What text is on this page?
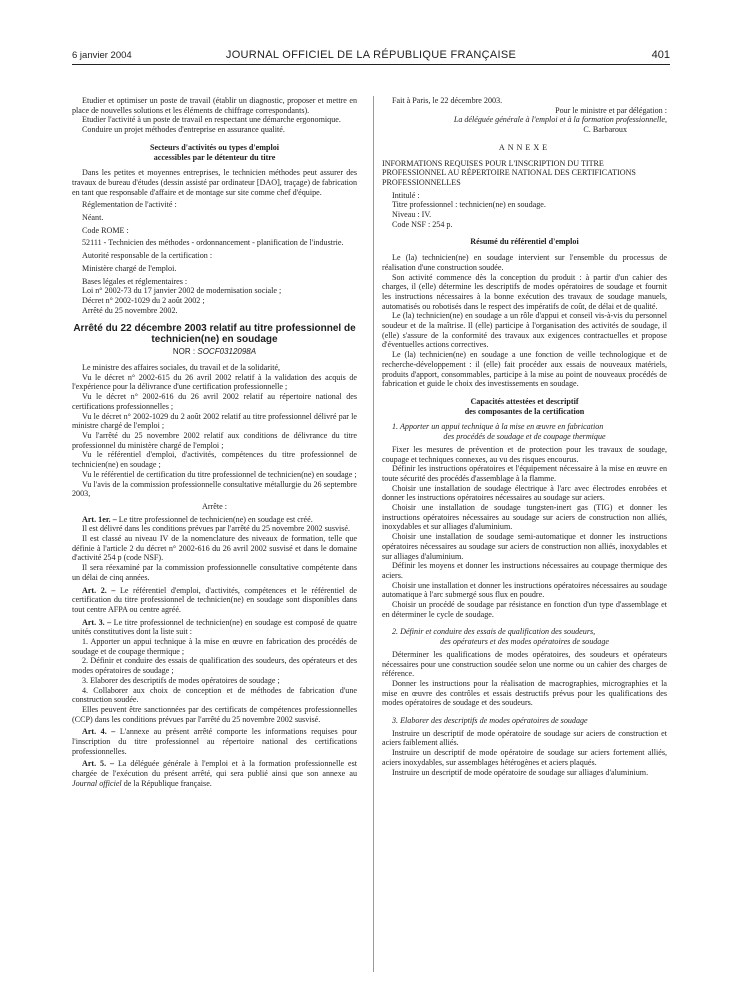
6 janvier 2004	JOURNAL OFFICIEL DE LA RÉPUBLIQUE FRANÇAISE	401

Etudier et optimiser un poste de travail (établir un diagnostic, proposer et mettre en place de nouvelles solutions et les éléments de chiffrage correspondants).

Etudier l'activité à un poste de travail en respectant une démarche ergonomique.

Conduire un projet méthodes d'entreprise en assurance qualité.

Secteurs d'activités ou types d'emploi
accessibles par le détenteur du titre

Dans les petites et moyennes entreprises, le technicien méthodes peut assurer des travaux de bureau d'études (dessin assisté par ordinateur [DAO], traçage) de fabrication en tant que responsable d'affaire et de montage sur site comme chef d'équipe.

Réglementation de l'activité :

Néant.

Code ROME :

52111 - Technicien des méthodes - ordonnancement - planification de l'industrie.

Autorité responsable de la certification :

Ministère chargé de l'emploi.

Bases légales et réglementaires :

Loi n° 2002-73 du 17 janvier 2002 de modernisation sociale ;

Décret n° 2002-1029 du 2 août 2002 ;

Arrêté du 25 novembre 2002.

Arrêté du 22 décembre 2003 relatif au titre professionnel de technicien(ne) en soudage
NOR : SOCF0312098A

Le ministre des affaires sociales, du travail et de la solidarité,

Vu le décret n° 2002-615 du 26 avril 2002 relatif à la validation des acquis de l'expérience pour la délivrance d'une certification professionnelle ;

Vu le décret n° 2002-616 du 26 avril 2002 relatif au répertoire national des certifications professionnelles ;

Vu le décret n° 2002-1029 du 2 août 2002 relatif au titre professionnel délivré par le ministre chargé de l'emploi ;

Vu l'arrêté du 25 novembre 2002 relatif aux conditions de délivrance du titre professionnel du ministère chargé de l'emploi ;

Vu le référentiel d'emploi, d'activités, compétences du titre professionnel de technicien(ne) en soudage ;

Vu le référentiel de certification du titre professionnel de technicien(ne) en soudage ;

Vu l'avis de la commission professionnelle consultative métallurgie du 26 septembre 2003,

Arrête :

Art. 1er. – Le titre professionnel de technicien(ne) en soudage est créé.

Il est délivré dans les conditions prévues par l'arrêté du 25 novembre 2002 susvisé.

Il est classé au niveau IV de la nomenclature des niveaux de formation, telle que définie à l'article 2 du décret n° 2002-616 du 26 avril 2002 susvisé et dans le domaine d'activité 254 p (code NSF).

Il sera réexaminé par la commission professionnelle consultative compétente dans un délai de cinq années.

Art. 2. – Le référentiel d'emploi, d'activités, compétences et le référentiel de certification du titre professionnel de technicien(ne) en soudage sont disponibles dans tout centre AFPA ou centre agréé.

Art. 3. – Le titre professionnel de technicien(ne) en soudage est composé de quatre unités constitutives dont la liste suit :

1. Apporter un appui technique à la mise en œuvre en fabrication des procédés de soudage et de coupage thermique ;

2. Définir et conduire des essais de qualification des soudeurs, des opérateurs et des modes opératoires de soudage ;

3. Elaborer des descriptifs de modes opératoires de soudage ;

4. Collaborer aux choix de conception et de méthodes de fabrication d'une construction soudée.

Elles peuvent être sanctionnées par des certificats de compétences professionnelles (CCP) dans les conditions prévues par l'arrêté du 25 novembre 2002 susvisé.

Art. 4. – L'annexe au présent arrêté comporte les informations requises pour l'inscription du titre professionnel au répertoire national des certifications professionnelles.

Art. 5. – La déléguée générale à l'emploi et à la formation professionnelle est chargée de l'exécution du présent arrêté, qui sera publié ainsi que son annexe au Journal officiel de la République française.

Fait à Paris, le 22 décembre 2003.

Pour le ministre et par délégation :

La déléguée générale à l'emploi et à la formation professionnelle,

C. Barbaroux

ANNEXE

INFORMATIONS REQUISES POUR L'INSCRIPTION DU TITRE PROFESSIONNEL AU RÉPERTOIRE NATIONAL DES CERTIFICATIONS PROFESSIONNELLES

Intitulé :

Titre professionnel : technicien(ne) en soudage.

Niveau : IV.

Code NSF : 254 p.

Résumé du référentiel d'emploi

Le (la) technicien(ne) en soudage intervient sur l'ensemble du processus de réalisation d'une construction soudée.

Son activité commence dès la conception du produit : à partir d'un cahier des charges, il (elle) détermine les descriptifs de modes opératoires de soudage et fournit les instructions nécessaires à la bonne exécution des travaux de soudage manuels, automatisés ou robotisés dans le respect des impératifs de coût, de délai et de qualité.

Le (la) technicien(ne) en soudage a un rôle d'appui et conseil vis-à-vis du personnel soudeur et de la maîtrise. Il (elle) participe à l'organisation des activités de soudage, il (elle) s'assure de la conformité des travaux aux exigences contractuelles et propose d'éventuelles actions correctives.

Le (la) technicien(ne) en soudage a une fonction de veille technologique et de recherche-développement : il (elle) fait procéder aux essais de nouveaux matériels, produits d'apport, consommables, participe à la mise au point de nouveaux procédés de fabrication et guide le choix des investissements en soudage.

Capacités attestées et descriptif
des composantes de la certification

1. Apporter un appui technique à la mise en œuvre en fabrication

des procédés de soudage et de coupage thermique

Fixer les mesures de prévention et de protection pour les travaux de soudage, coupage et techniques connexes, au vu des risques encourus.

Définir les instructions opératoires et l'équipement nécessaire à la mise en œuvre en toute sécurité des procédés d'assemblage à la flamme.

Choisir une installation de soudage électrique à l'arc avec électrodes enrobées et donner les instructions opératoires nécessaires au soudage sur aciers.

Choisir une installation de soudage tungsten-inert gas (TIG) et donner les instructions opératoires nécessaires au soudage sur aciers de construction non alliés, inoxydables et sur alliages d'aluminium.

Choisir une installation de soudage semi-automatique et donner les instructions opératoires nécessaires au soudage sur aciers de construction non alliés, inoxydables et sur alliages d'aluminium.

Définir les moyens et donner les instructions nécessaires au coupage thermique des aciers.

Choisir une installation et donner les instructions opératoires nécessaires au soudage automatique à l'arc submergé sous flux en poudre.

Choisir un procédé de soudage par résistance en fonction d'un type d'assemblage et en déterminer le cycle de soudage.

2. Définir et conduire des essais de qualification des soudeurs,

des opérateurs et des modes opératoires de soudage

Déterminer les qualifications de modes opératoires, des soudeurs et opérateurs nécessaires pour une construction soudée selon une norme ou un cahier des charges de référence.

Donner les instructions pour la réalisation de macrographies, micrographies et la mise en œuvre des contrôles et essais destructifs prévus pour les qualifications des modes opératoires de soudage et des soudeurs.

3. Elaborer des descriptifs de modes opératoires de soudage

Instruire un descriptif de mode opératoire de soudage sur aciers de construction et aciers faiblement alliés.

Instruire un descriptif de mode opératoire de soudage sur aciers fortement alliés, aciers inoxydables, sur assemblages hétérogènes et aciers plaqués.

Instruire un descriptif de mode opératoire de soudage sur alliages d'aluminium.
